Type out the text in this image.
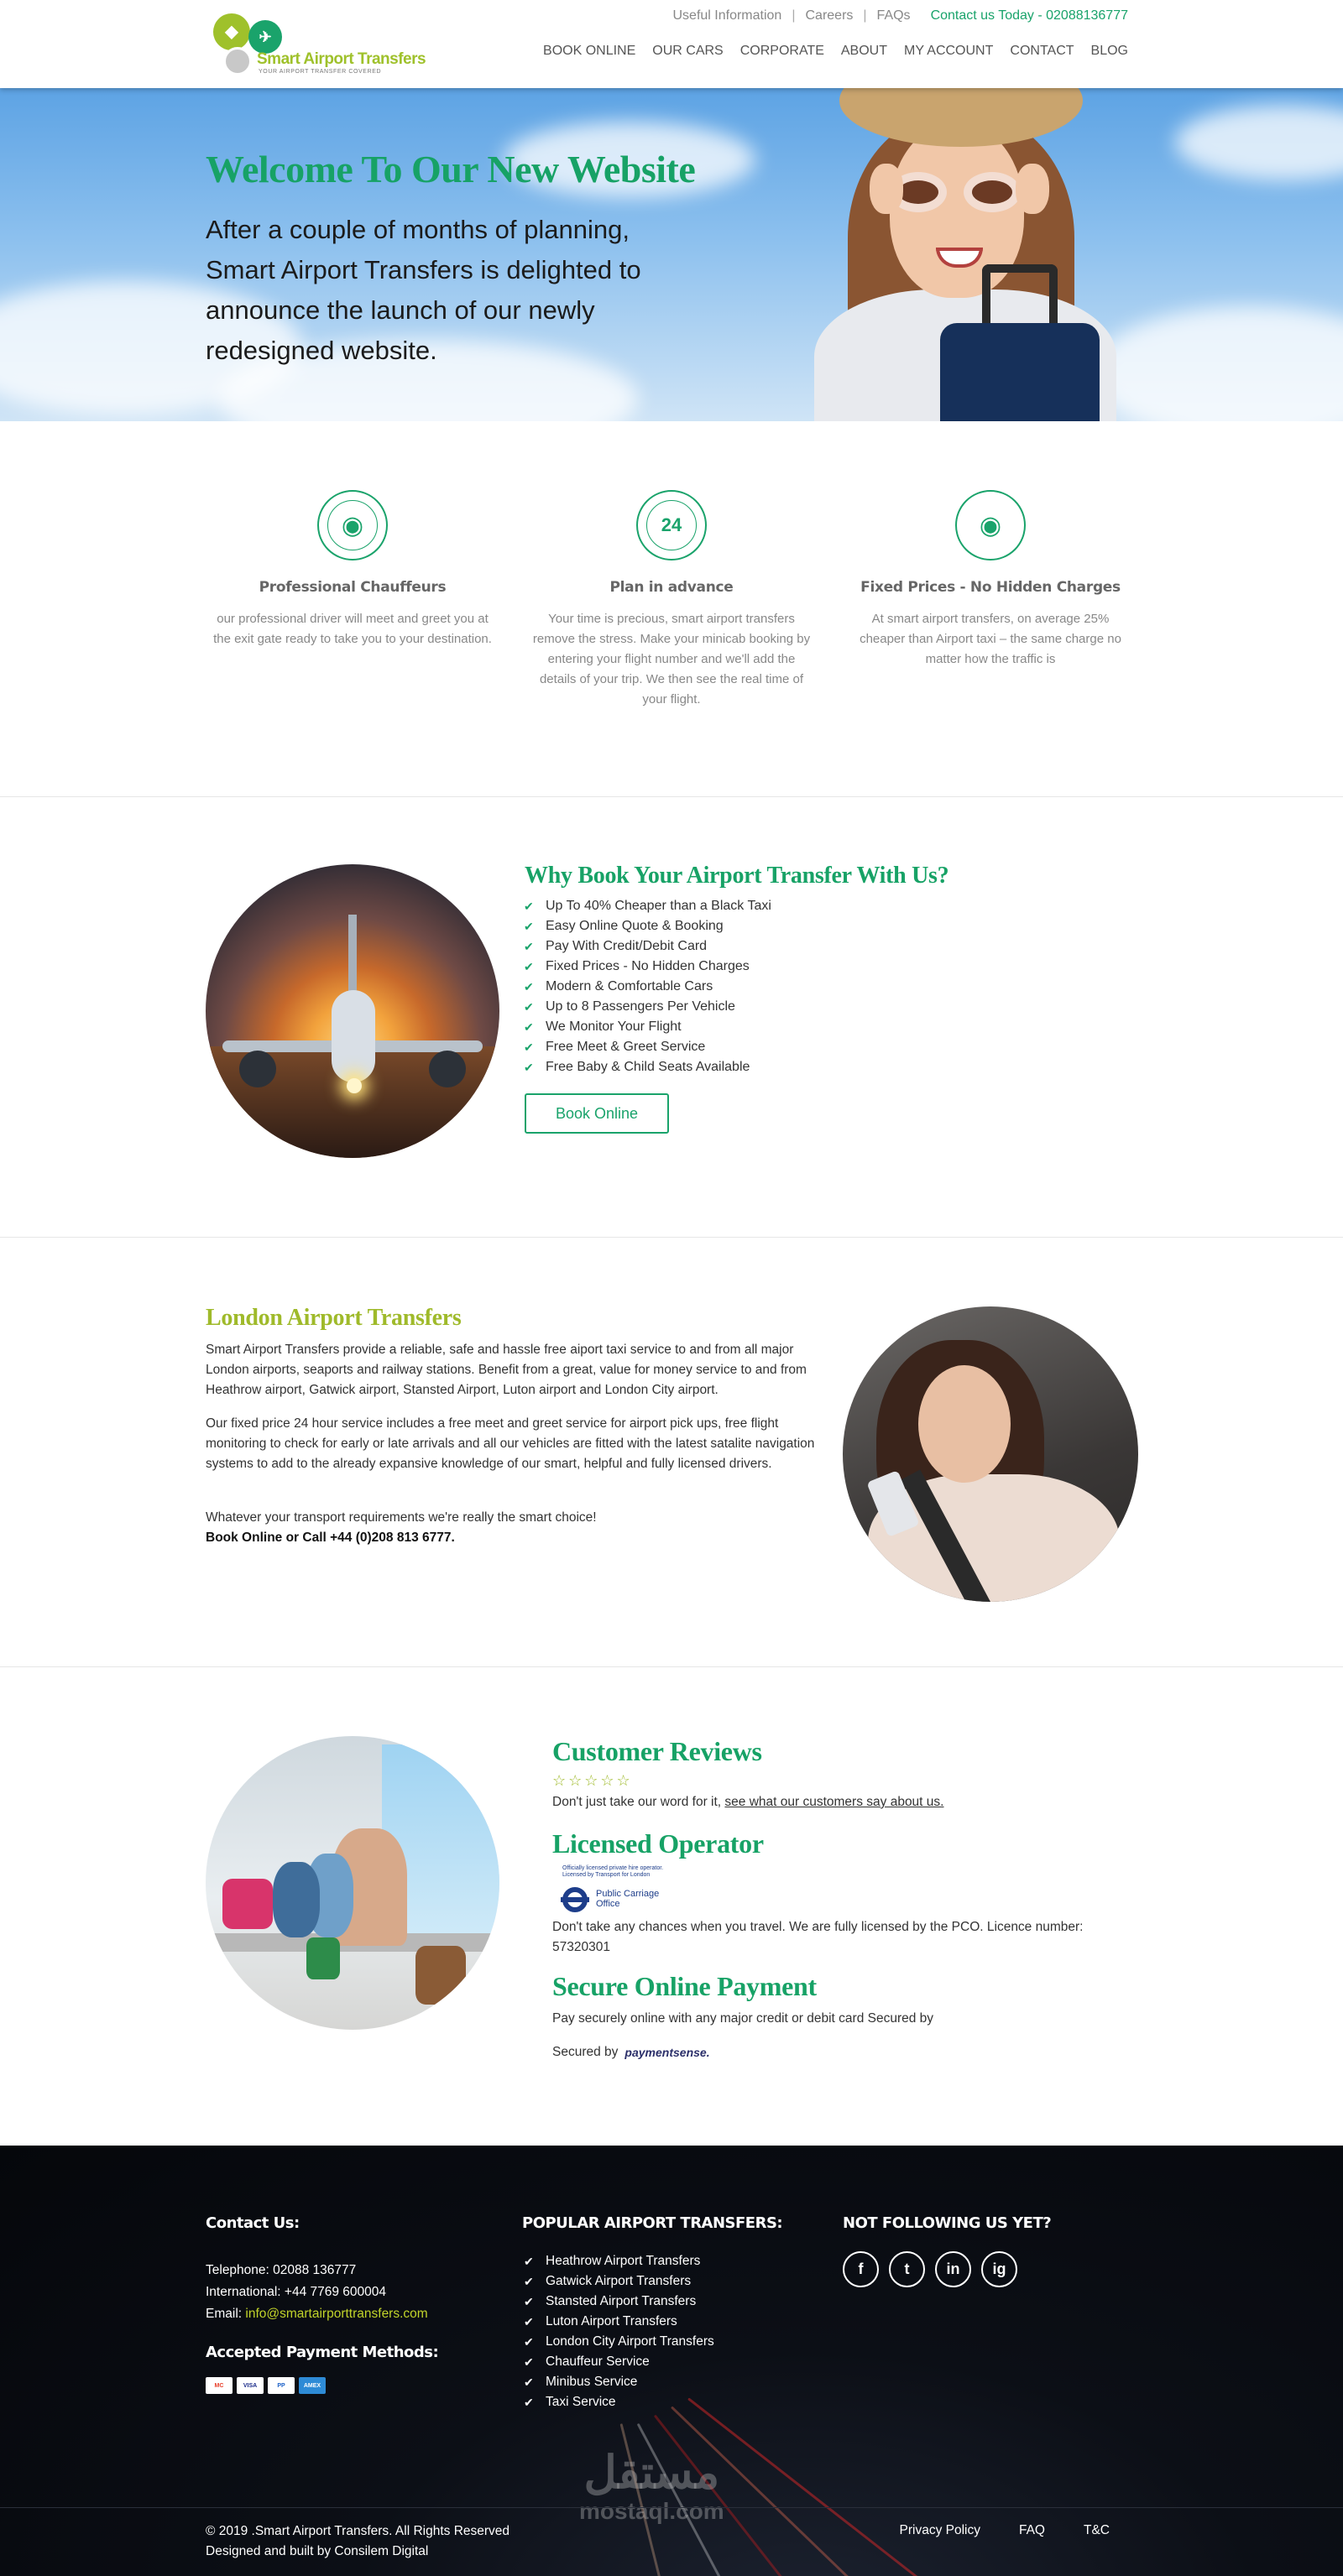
◆	✈
Smart Airport Transfers
YOUR AIRPORT TRANSFER COVERED
Useful Information | Careers | FAQs	Contact us Today - 02088136777
BOOK ONLINE OUR CARS CORPORATE ABOUT MY ACCOUNT CONTACT BLOG
Welcome To Our New Website

After a couple of months of planning, Smart Airport Transfers is delighted to announce the launch of our newly redesigned website.

◉
Professional Chauffeurs
our professional driver will meet and greet you at the exit gate ready to take you to your destination.
24
Plan in advance
Your time is precious, smart airport transfers remove the stress. Make your minicab booking by entering your flight number and we'll add the details of your trip. We then see the real time of your flight.
◉
Fixed Prices - No Hidden Charges
At smart airport transfers, on average 25% cheaper than Airport taxi – the same charge no matter how the traffic is
Why Book Your Airport Transfer With Us?
✔ Up To 40% Cheaper than a Black Taxi
✔ Easy Online Quote & Booking
✔ Pay With Credit/Debit Card
✔ Fixed Prices - No Hidden Charges
✔ Modern & Comfortable Cars
✔ Up to 8 Passengers Per Vehicle
✔ We Monitor Your Flight
✔ Free Meet & Greet Service
✔ Free Baby & Child Seats Available
Book Online
London Airport Transfers

Smart Airport Transfers provide a reliable, safe and hassle free aiport taxi service to and from all major London airports, seaports and railway stations. Benefit from a great, value for money service to and from Heathrow airport, Gatwick airport, Stansted Airport, Luton airport and London City airport.

Our fixed price 24 hour service includes a free meet and greet service for airport pick ups, free flight monitoring to check for early or late arrivals and all our vehicles are fitted with the latest satalite navigation systems to add to the already expansive knowledge of our smart, helpful and fully licensed drivers.

Whatever your transport requirements we're really the smart choice!

Book Online or Call +44 (0)208 813 6777.

Customer Reviews
☆☆☆☆☆
Don't just take our word for it, see what our customers say about us.
Licensed Operator
Officially licensed private hire operator. Licensed by Transport for London
Public Carriage Office
Don't take any chances when you travel. We are fully licensed by the PCO. Licence number: 57320301
Secure Online Payment
Pay securely online with any major credit or debit card Secured by
Secured by paymentsense.
Contact Us:
Telephone: 02088 136777
International: +44 7769 600004
Email: info@smartairporttransfers.com
Accepted Payment Methods:
MC	VISA	PP	AMEX
POPULAR AIRPORT TRANSFERS:
✔ Heathrow Airport Transfers
✔ Gatwick Airport Transfers
✔ Stansted Airport Transfers
✔ Luton Airport Transfers
✔ London City Airport Transfers
✔ Chauffeur Service
✔ Minibus Service
✔ Taxi Service
NOT FOLLOWING US YET?
f	t	in	ig
مستقل
mostaql.com
© 2019 .Smart Airport Transfers. All Rights Reserved
Designed and built by Consilem Digital
Privacy Policy	FAQ	T&C
